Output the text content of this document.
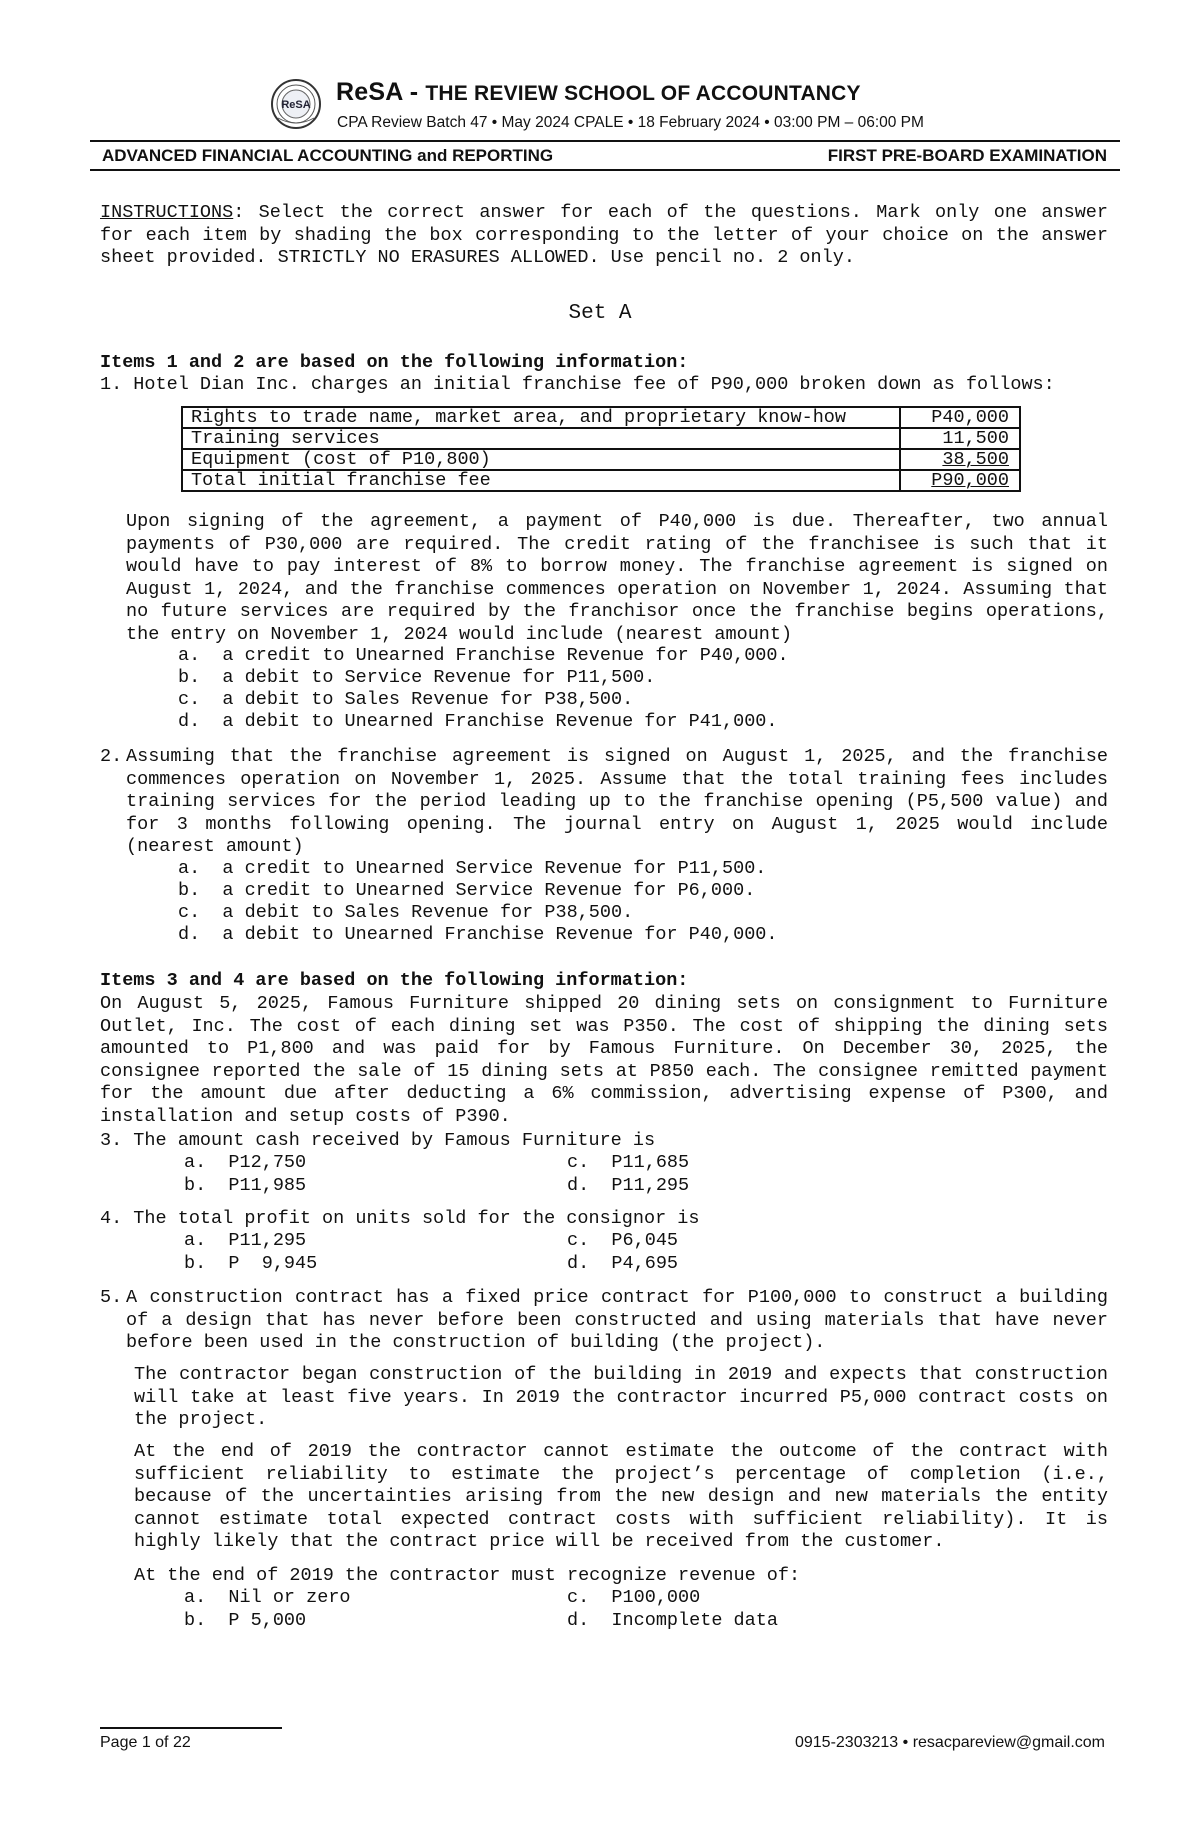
ReSA ReSA - THE REVIEW SCHOOL OF ACCOUNTANCY
CPA Review Batch 47 • May 2024 CPALE • 18 February 2024 • 03:00 PM – 06:00 PM
ADVANCED FINANCIAL ACCOUNTING and REPORTING	FIRST PRE-BOARD EXAMINATION
INSTRUCTIONS: Select the correct answer for each of the questions. Mark only one answer for each item by shading the box corresponding to the letter of your choice on the answer sheet provided. STRICTLY NO ERASURES ALLOWED. Use pencil no. 2 only.
Set A
Items 1 and 2 are based on the following information:
1. Hotel Dian Inc. charges an initial franchise fee of P90,000 broken down as follows:
Rights to trade name, market area, and proprietary know-how	P40,000
Training services	11,500
Equipment (cost of P10,800)	38,500
Total initial franchise fee	P90,000
Upon signing of the agreement, a payment of P40,000 is due. Thereafter, two annual payments of P30,000 are required. The credit rating of the franchisee is such that it would have to pay interest of 8% to borrow money. The franchise agreement is signed on August 1, 2024, and the franchise commences operation on November 1, 2024. Assuming that no future services are required by the franchisor once the franchise begins operations, the entry on November 1, 2024 would include (nearest amount)
a.  a credit to Unearned Franchise Revenue for P40,000.
b.  a debit to Service Revenue for P11,500.
c.  a debit to Sales Revenue for P38,500.
d.  a debit to Unearned Franchise Revenue for P41,000.
2. Assuming that the franchise agreement is signed on August 1, 2025, and the franchise commences operation on November 1, 2025. Assume that the total training fees includes training services for the period leading up to the franchise opening (P5,500 value) and for 3 months following opening. The journal entry on August 1, 2025 would include (nearest amount)
a.  a credit to Unearned Service Revenue for P11,500.
b.  a credit to Unearned Service Revenue for P6,000.
c.  a debit to Sales Revenue for P38,500.
d.  a debit to Unearned Franchise Revenue for P40,000.
Items 3 and 4 are based on the following information:
On August 5, 2025, Famous Furniture shipped 20 dining sets on consignment to Furniture Outlet, Inc. The cost of each dining set was P350. The cost of shipping the dining sets amounted to P1,800 and was paid for by Famous Furniture. On December 30, 2025, the consignee reported the sale of 15 dining sets at P850 each. The consignee remitted payment for the amount due after deducting a 6% commission, advertising expense of P300, and installation and setup costs of P390.
3. The amount cash received by Famous Furniture is
a.  P12,750
b.  P11,985
c.  P11,685
d.  P11,295
4. The total profit on units sold for the consignor is
a.  P11,295
b.  P  9,945
c.  P6,045
d.  P4,695
5. A construction contract has a fixed price contract for P100,000 to construct a building of a design that has never before been constructed and using materials that have never before been used in the construction of building (the project).
The contractor began construction of the building in 2019 and expects that construction will take at least five years. In 2019 the contractor incurred P5,000 contract costs on the project.
At the end of 2019 the contractor cannot estimate the outcome of the contract with sufficient reliability to estimate the project’s percentage of completion (i.e., because of the uncertainties arising from the new design and new materials the entity cannot estimate total expected contract costs with sufficient reliability). It is highly likely that the contract price will be received from the customer.
At the end of 2019 the contractor must recognize revenue of:
a.  Nil or zero
b.  P 5,000
c.  P100,000
d.  Incomplete data
Page 1 of 22	0915-2303213 • resacpareview@gmail.com
